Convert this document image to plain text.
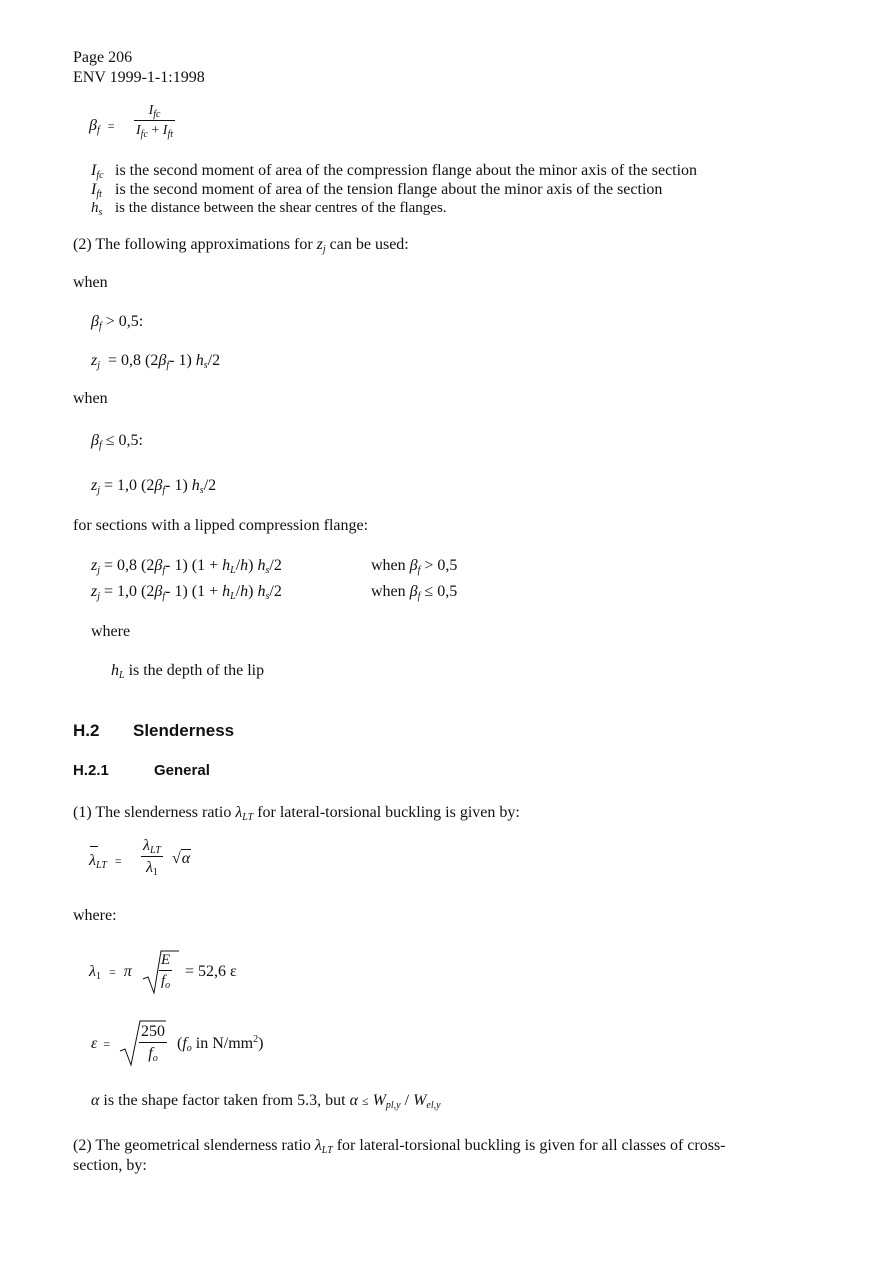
Page 206
ENV 1999-1-1:1998
$\beta_f$ =
$I_{fc}$
$I_{fc} + I_{ft}$
$I_{fc}$ is the second moment of area of the compression flange about the minor axis of the section
$I_{ft}$ is the second moment of area of the tension flange about the minor axis of the section
$h_s$ is the distance between the shear centres of the flanges.
(2) The following approximations for $z_j$ can be used:
when
$\beta_f > 0,5$:
$z_j = 0,8$ ($2\beta_f-$ 1) $h_s/2$
when
$\beta_f \le 0,5$:
$z_j = 1,0$ ($2\beta_f-$ 1) $h_s/2$
for sections with a lipped compression flange:
$z_j = 0,8$ ($2\beta_f-$ 1) $(1 + h_L/h)$ $h_s/2$	when $\beta_f > 0,5$
$z_j = 1,0$ ($2\beta_f-$ 1) $(1 + h_L/h)$ $h_s/2$	when $\beta_f \le 0,5$
where
$h_L$ is the depth of the lip
H.2 Slenderness
H.2.1	General
(1) The slenderness ratio $\lambda_{LT}$ for lateral-torsional buckling is given by:
λ
$_{LT}$ =
$\lambda_{LT}$
$\lambda_1$
√α
where:
$\lambda_1 = \pi \frac{E}{f_o} = 52,6$ ε
$\varepsilon = \frac{250}{f_o} (f_o$ in $N/mm^2$)
α is the shape factor taken from 5.3, but $\alpha \le W_{pl,y} / W_{el,y}$
(2) The geometrical slenderness ratio $\lambda_{LT}$ for lateral-torsional buckling is given for all classes of cross-
section, by:
